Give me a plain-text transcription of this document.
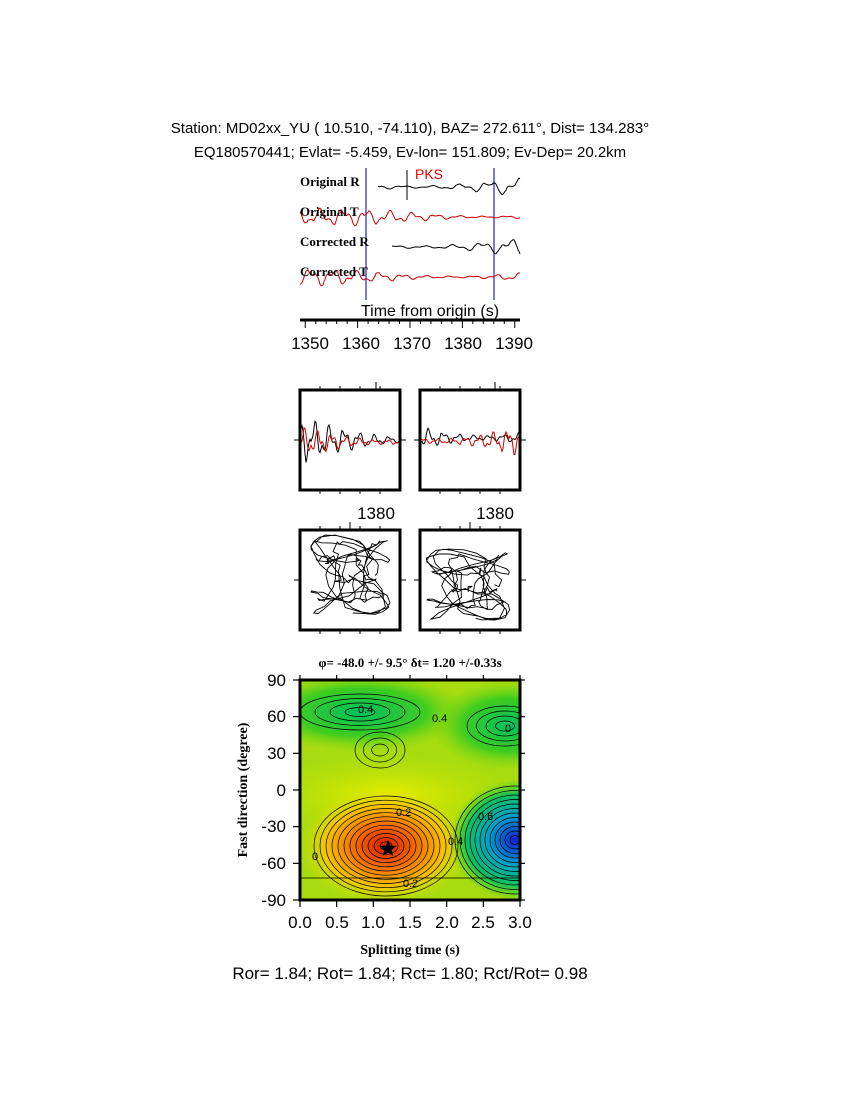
Station: MD02xx_YU ( 10.510, -74.110), BAZ= 272.611°, Dist= 134.283°
EQ180570441; Evlat= -5.459, Ev-lon= 151.809; Ev-Dep= 20.2km
PKS
Original R
Original T
Corrected R
Corrected T
Time from origin (s)
1350 1360 1370 1380 1390
1380	1380
φ= -48.0 +/- 9.5° δt= 1.20 +/-0.33s
0.4
0.4
0
0.2
0.4
0.6
0
0.2
90
60
30
0
-30
-60
-90
0.0 0.5 1.0 1.5 2.0 2.5 3.0
Splitting time (s)
Fast direction (degree)
Ror= 1.84; Rot= 1.84; Rct= 1.80; Rct/Rot= 0.98
